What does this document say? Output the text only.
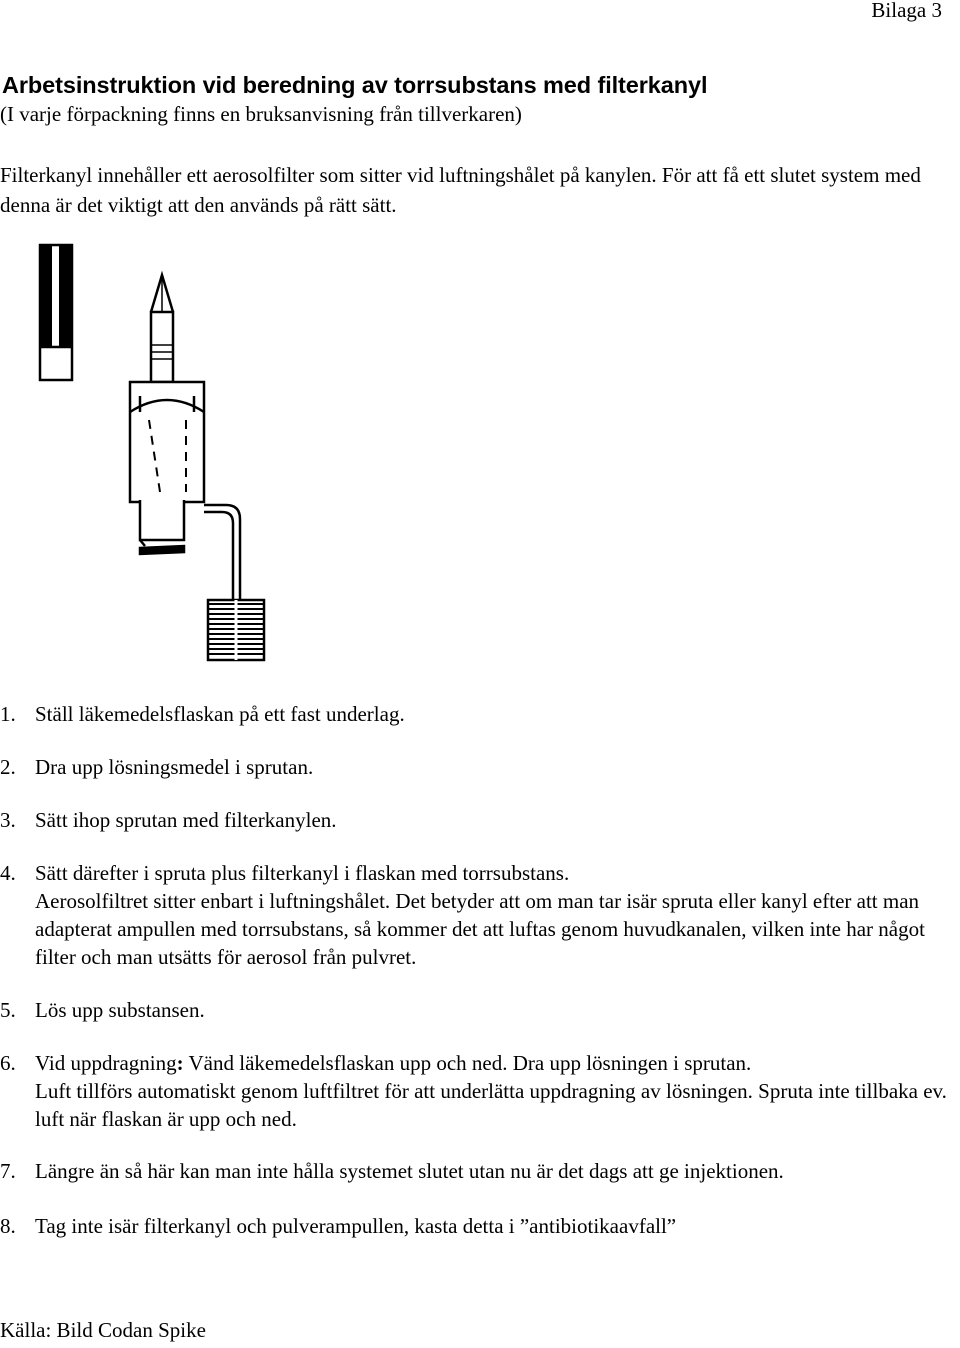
Bilaga 3
Arbetsinstruktion vid beredning av torrsubstans med filterkanyl
(I varje förpackning finns en bruksanvisning från tillverkaren)

Filterkanyl innehåller ett aerosolfilter som sitter vid luftningshålet på kanylen. För att få ett slutet system med denna är det viktigt att den används på rätt sätt.

1. Ställ läkemedelsflaskan på ett fast underlag.
2. Dra upp lösningsmedel i sprutan.
3. Sätt ihop sprutan med filterkanylen.
4. Sätt därefter i spruta plus filterkanyl i flaskan med torrsubstans.
Aerosolfiltret sitter enbart i luftningshålet. Det betyder att om man tar isär spruta eller kanyl efter att man adapterat ampullen med torrsubstans, så kommer det att luftas genom huvudkanalen, vilken inte har något filter och man utsätts för aerosol från pulvret.
5. Lös upp substansen.
6. Vid uppdragning: Vänd läkemedelsflaskan upp och ned. Dra upp lösningen i sprutan.
Luft tillförs automatiskt genom luftfiltret för att underlätta uppdragning av lösningen. Spruta inte tillbaka ev. luft när flaskan är upp och ned.
7. Längre än så här kan man inte hålla systemet slutet utan nu är det dags att ge injektionen.
8. Tag inte isär filterkanyl och pulverampullen, kasta detta i ”antibiotikaavfall”
Källa: Bild Codan Spike
